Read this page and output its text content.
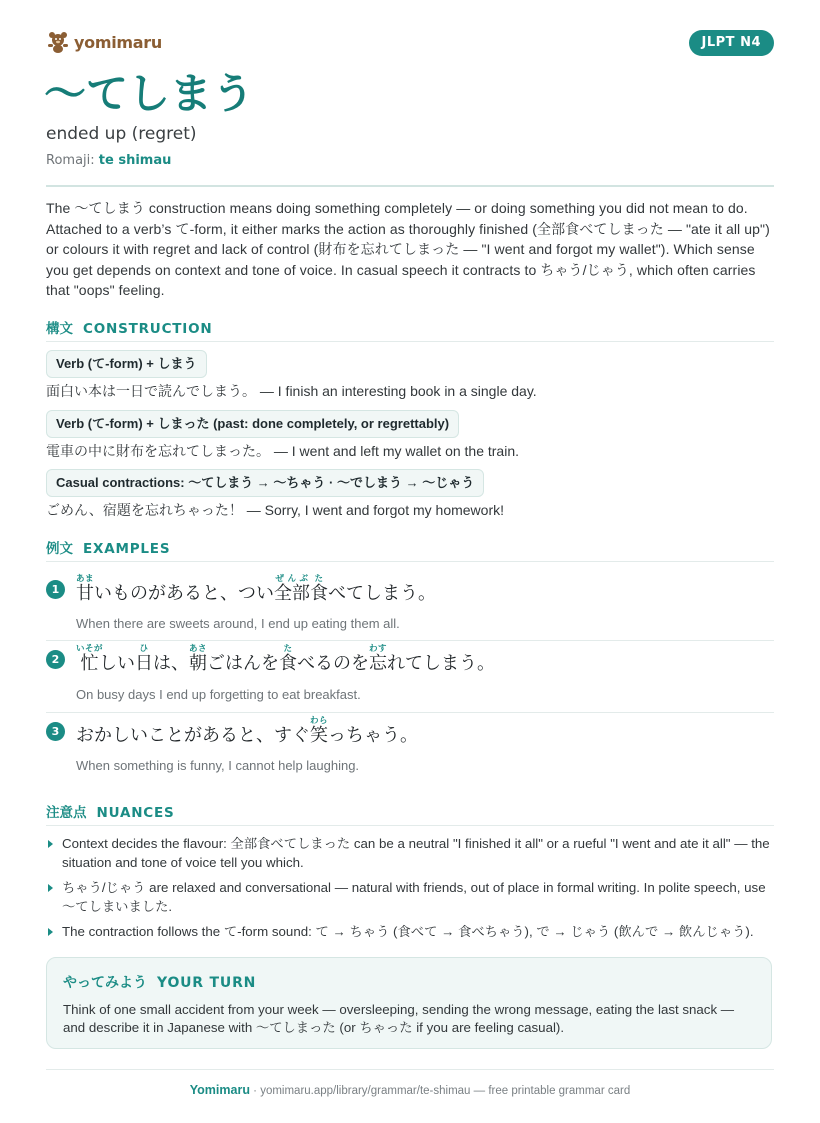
yomimaru	JLPT N4
〜てしまう
ended up (regret)
Romaji: te shimau

The 〜てしまう construction means doing something completely — or doing something you did not mean to do. Attached to a verb’s て-form, it either marks the action as thoroughly finished (全部食べてしまった — "ate it all up") or colours it with regret and lack of control (財布を忘れてしまった — "I went and forgot my wallet"). Which sense you get depends on context and tone of voice. In casual speech it contracts to ちゃう/じゃう, which often carries that "oops" feeling.

構文 CONSTRUCTION
Verb (て-form) + しまう
面白い本は一日で読んでしまう。 — I finish an interesting book in a single day.
Verb (て-form) + しまった (past: done completely, or regrettably)
電車の中に財布を忘れてしまった。 — I went and left my wallet on the train.
Casual contractions: 〜てしまう → 〜ちゃう · 〜でしまう → 〜じゃう
ごめん、宿題を忘れちゃった！ — Sorry, I went and forgot my homework!
例文 EXAMPLES
1 甘あまいものがあると、つい全部ぜんぶ食たべてしまう。
When there are sweets around, I end up eating them all.
2 忙いそがしい日ひは、朝あさごはんを食たべるのを忘わすれてしまう。
On busy days I end up forgetting to eat breakfast.
3 おかしいことがあると、すぐ笑わらっちゃう。
When something is funny, I cannot help laughing.
注意点 NUANCES
Context decides the flavour: 全部食べてしまった can be a neutral "I finished it all" or a rueful "I went and ate it all" — the situation and tone of voice tell you which.
ちゃう/じゃう are relaxed and conversational — natural with friends, out of place in formal writing. In polite speech, use 〜てしまいました.
The contraction follows the て-form sound: て → ちゃう (食べて → 食べちゃう), で → じゃう (飲んで → 飲んじゃう).
やってみよう YOUR TURN
Think of one small accident from your week — oversleeping, sending the wrong message, eating the last snack — and describe it in Japanese with 〜てしまった (or ちゃった if you are feeling casual).
Yomimaru · yomimaru.app/library/grammar/te-shimau — free printable grammar card
